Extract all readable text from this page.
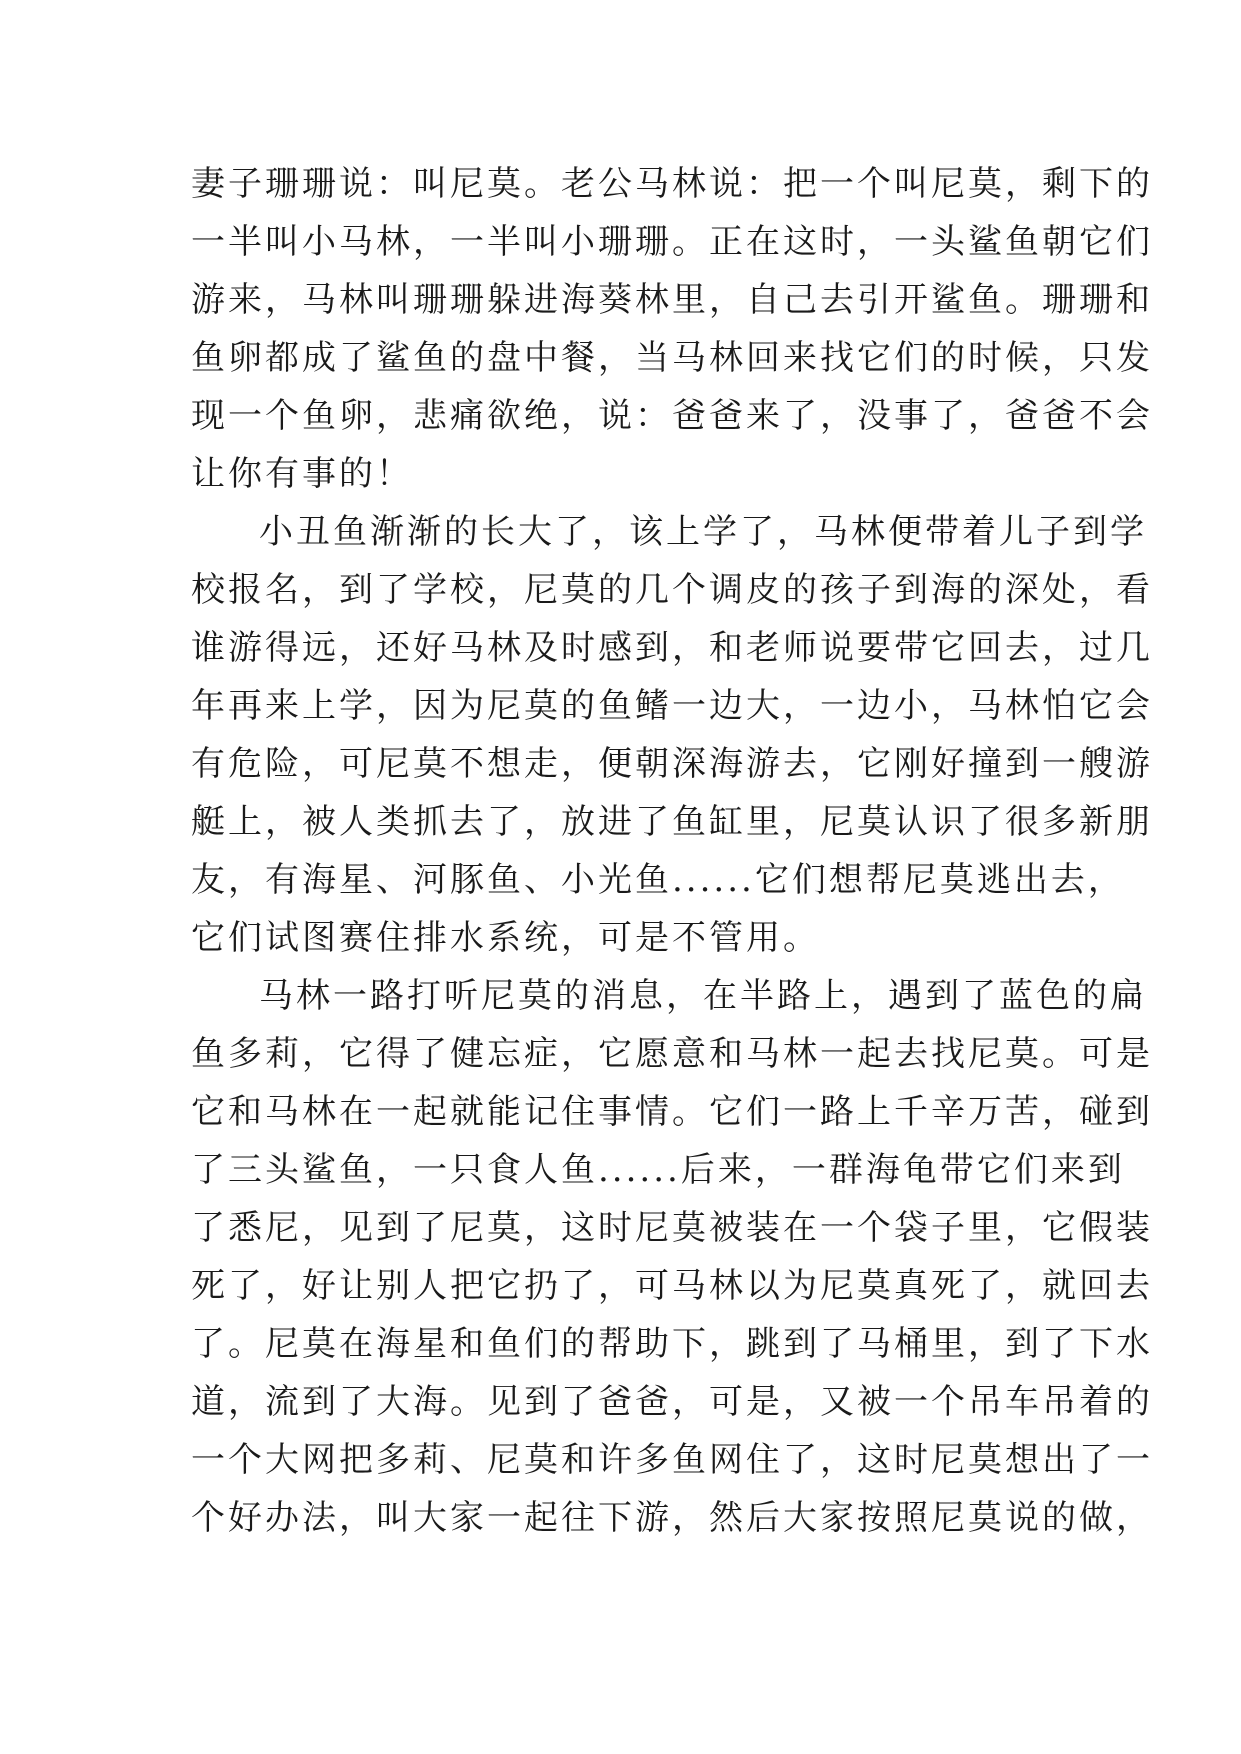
妻子珊珊说：叫尼莫。老公马林说：把一个叫尼莫，剩下的
一半叫小马林，一半叫小珊珊。正在这时，一头鲨鱼朝它们
游来，马林叫珊珊躲进海葵林里，自己去引开鲨鱼。珊珊和
鱼卵都成了鲨鱼的盘中餐，当马林回来找它们的时候，只发
现一个鱼卵，悲痛欲绝，说：爸爸来了，没事了，爸爸不会
让你有事的！
小丑鱼渐渐的长大了，该上学了，马林便带着儿子到学
校报名，到了学校，尼莫的几个调皮的孩子到海的深处，看
谁游得远，还好马林及时感到，和老师说要带它回去，过几
年再来上学，因为尼莫的鱼鳍一边大，一边小，马林怕它会
有危险，可尼莫不想走，便朝深海游去，它刚好撞到一艘游
艇上，被人类抓去了，放进了鱼缸里，尼莫认识了很多新朋
友，有海星、河豚鱼、小光鱼......它们想帮尼莫逃出去，
它们试图赛住排水系统，可是不管用。
马林一路打听尼莫的消息，在半路上，遇到了蓝色的扁
鱼多莉，它得了健忘症，它愿意和马林一起去找尼莫。可是
它和马林在一起就能记住事情。它们一路上千辛万苦，碰到
了三头鲨鱼，一只食人鱼......后来，一群海龟带它们来到
了悉尼，见到了尼莫，这时尼莫被装在一个袋子里，它假装
死了，好让别人把它扔了，可马林以为尼莫真死了，就回去
了。尼莫在海星和鱼们的帮助下，跳到了马桶里，到了下水
道，流到了大海。见到了爸爸，可是，又被一个吊车吊着的
一个大网把多莉、尼莫和许多鱼网住了，这时尼莫想出了一
个好办法，叫大家一起往下游，然后大家按照尼莫说的做，
